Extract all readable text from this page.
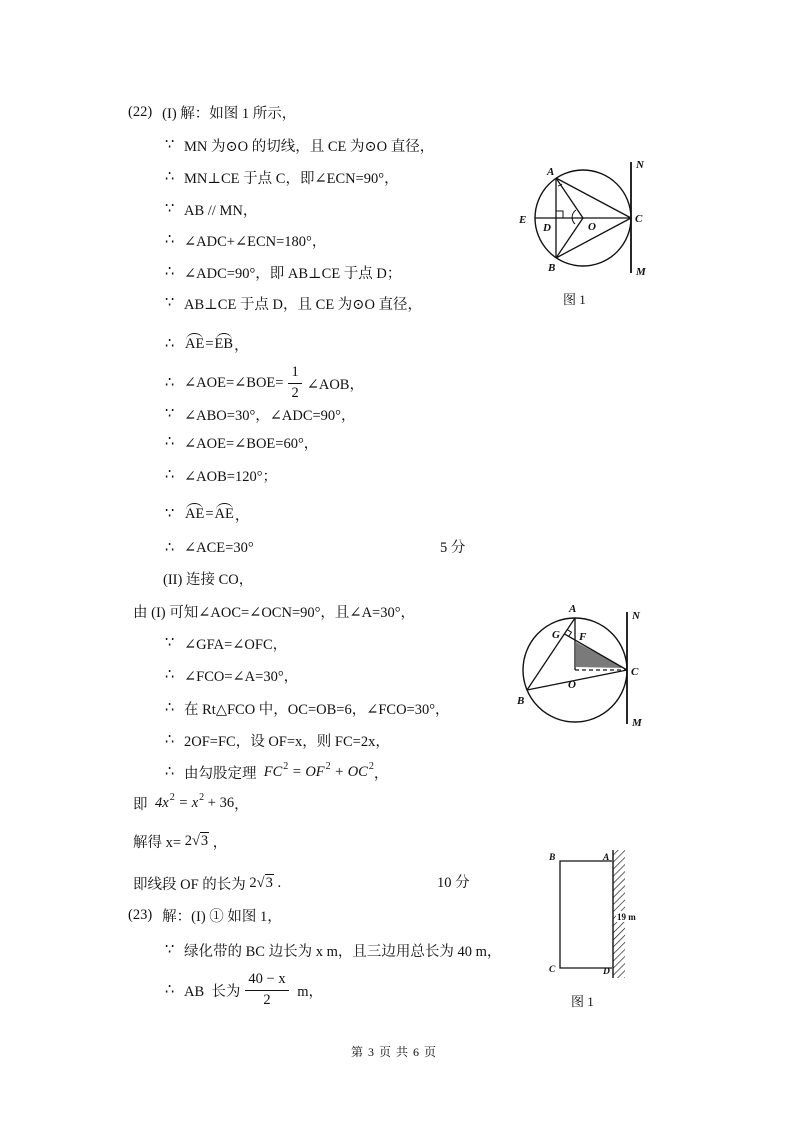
(22) (I) 解：如图 1 所示，
∵ MN 为⊙O 的切线，且 CE 为⊙O 直径，
∴ MN⊥CE 于点 C，即∠ECN=90°，
∵ AB // MN，
∴ ∠ADC+∠ECN=180°，
∴ ∠ADC=90°，即 AB⊥CE 于点 D；
∵ AB⊥CE 于点 D，且 CE 为⊙O 直径，
∴ AE = EB ，
∴ ∠AOE=∠BOE= $\frac{1}{2}$ ∠AOB，
∵ ∠ABO=30°，∠ADC=90°，
∴ ∠AOE=∠BOE=60°，
∴ ∠AOB=120°；
∵ AE = AE ，
∴ ∠ACE=30°	5 分
(II) 连接 CO，
由 (I) 可知∠AOC=∠OCN=90°，且∠A=30°，
∵ ∠GFA=∠OFC，
∴ ∠FCO=∠A=30°，
∴ 在 Rt△FCO 中，OC=OB=6，∠FCO=30°，
∴ 2OF=FC，设 OF=x，则 FC=2x，
∴ 由勾股定理 FC 2 = OF 2 + OC 2 ，
即 4x 2 = x 2 + 36 ，
解得 x= 2 √ 3 ，
即线段 OF 的长为 2 √ 3 .	10 分
(23) 解：(I) ① 如图 1，
∵ 绿化带的 BC 边长为 x m，且三边用总长为 40 m，
∴ AB  长为 $\frac{40 - x}{2}$ m，
A
B
C
D
E
O
N
M
图 1
A
G F
O
C
B
N
M
19 m
B	A
C	D
图 1
第 3 页 共 6 页
